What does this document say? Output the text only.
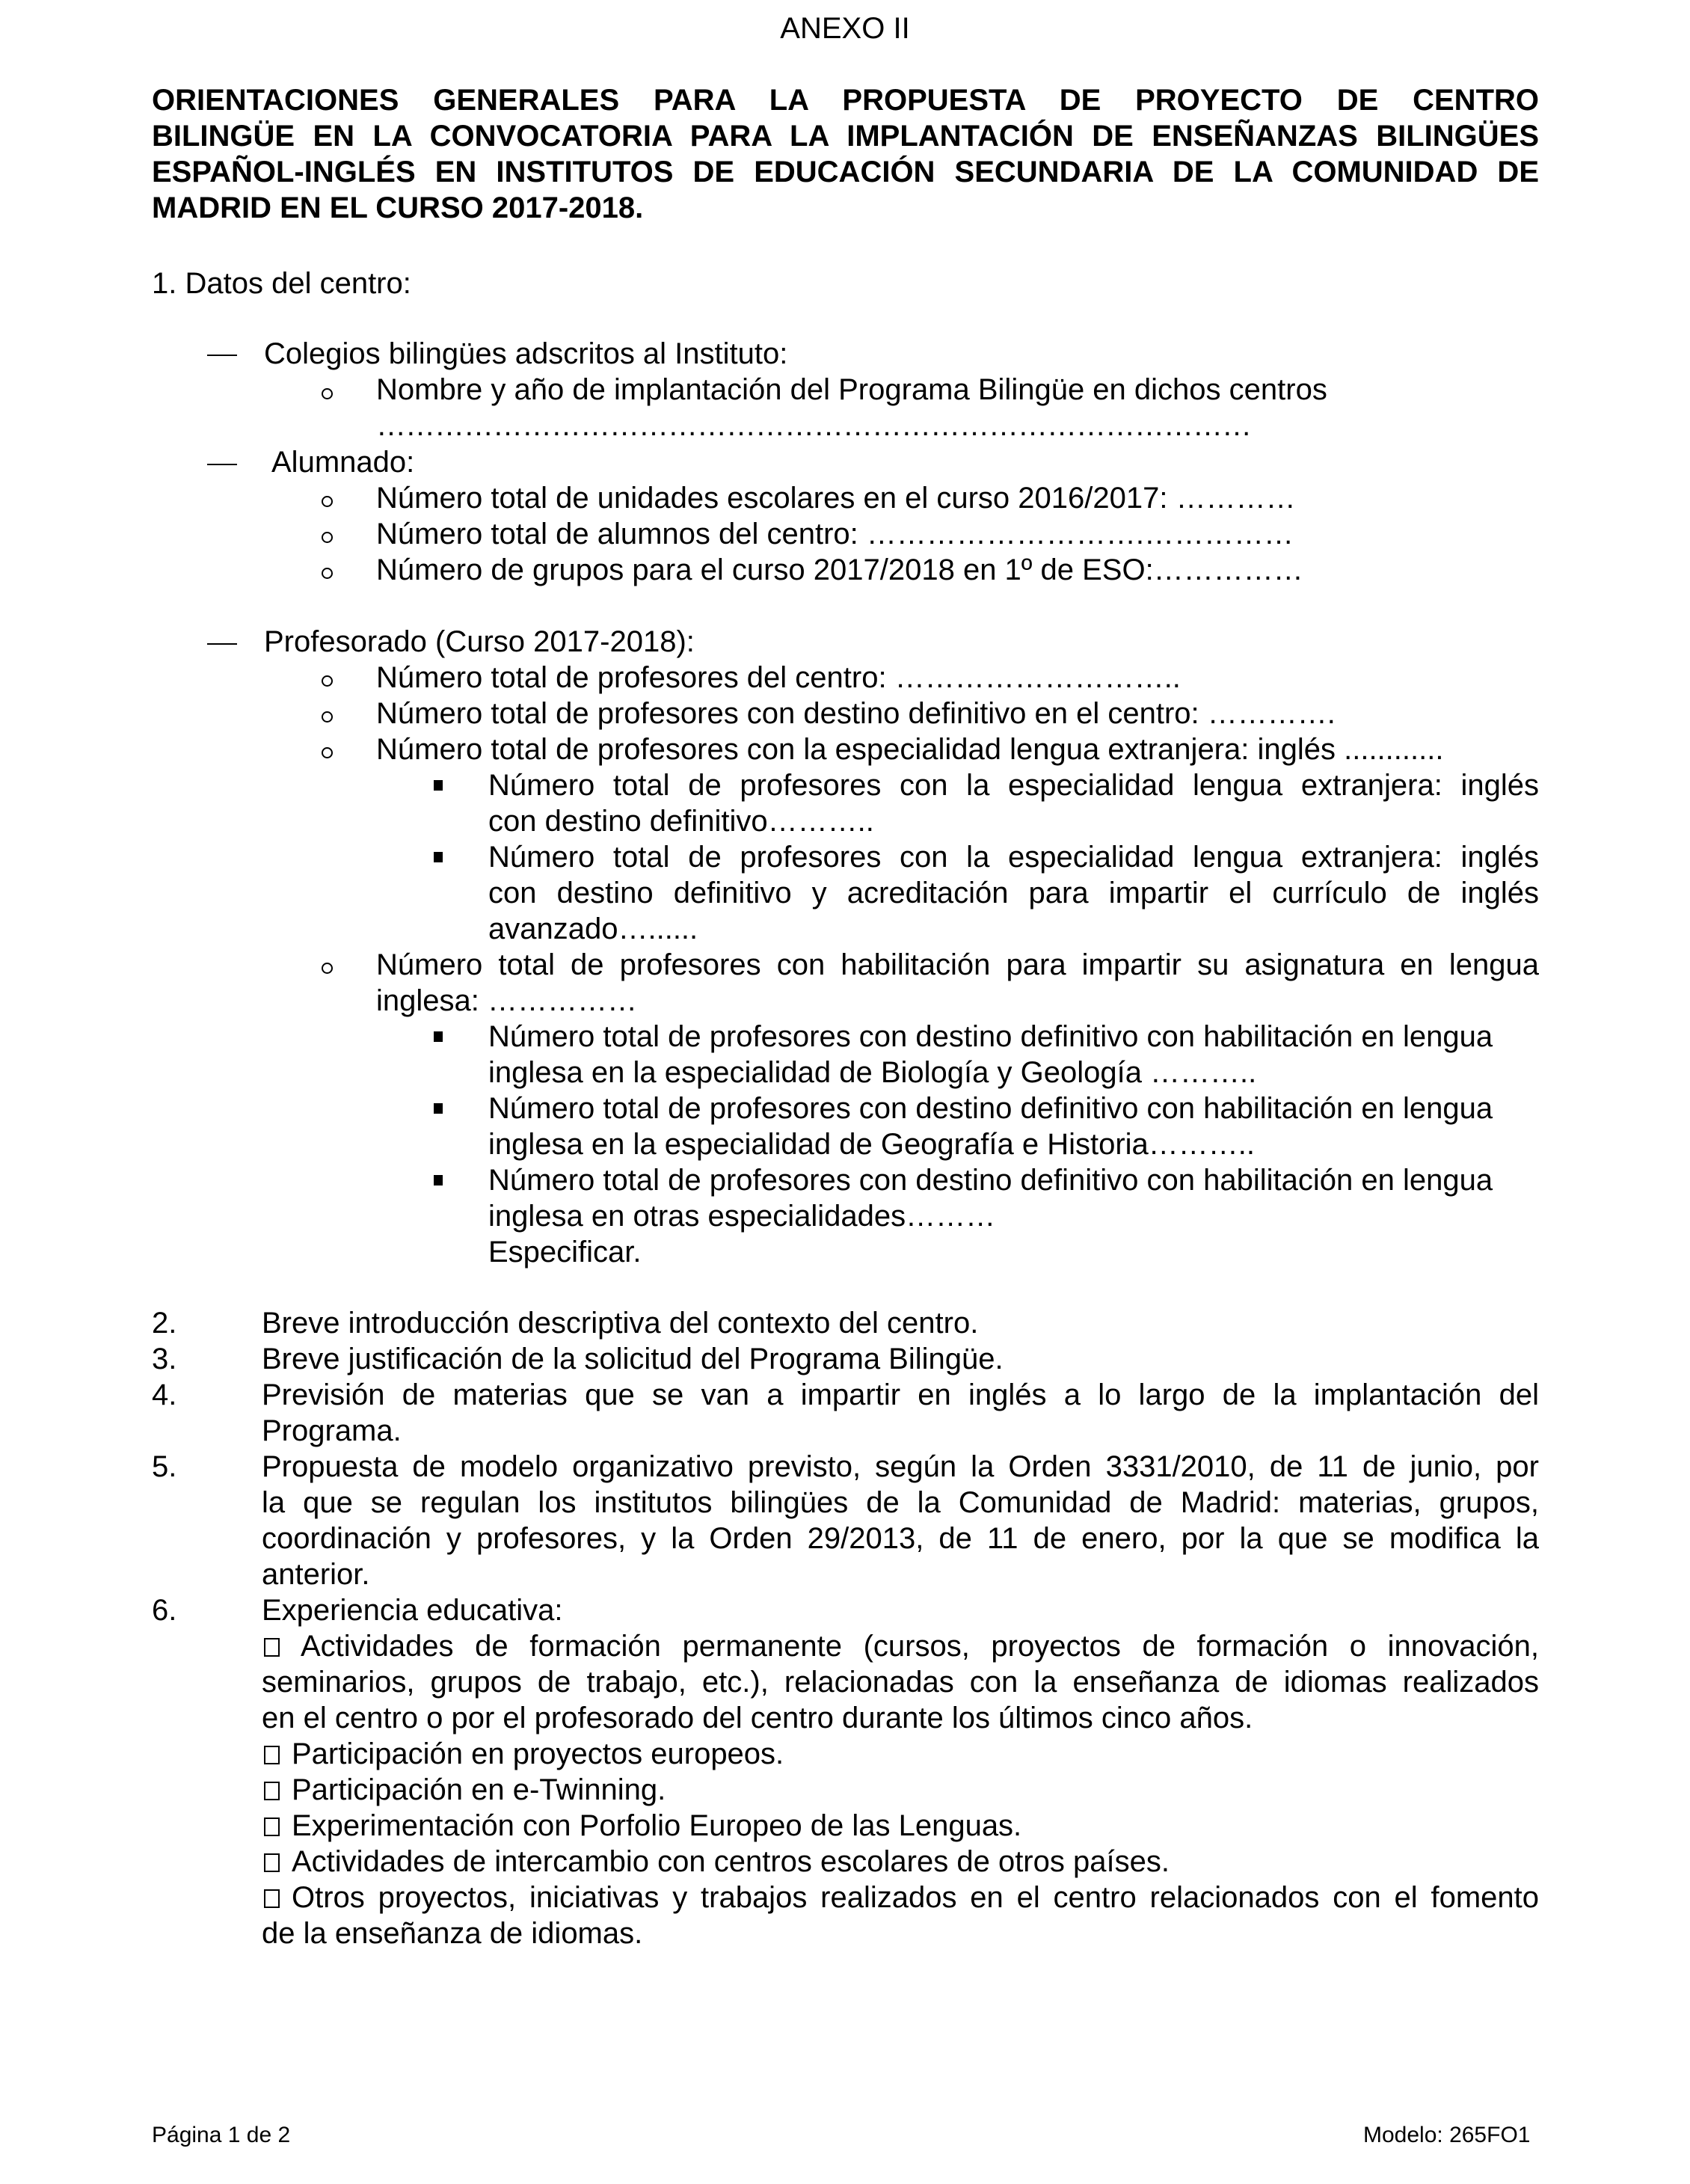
ANEXO II
ORIENTACIONES GENERALES PARA LA PROPUESTA DE PROYECTO DE CENTRO
BILINGÜE EN LA CONVOCATORIA PARA LA IMPLANTACIÓN DE ENSEÑANZAS BILINGÜES
ESPAÑOL-INGLÉS EN INSTITUTOS DE EDUCACIÓN SECUNDARIA DE LA COMUNIDAD DE
MADRID EN EL CURSO 2017-2018.
1. Datos del centro:
Colegios bilingües adscritos al Instituto:
Nombre y año de implantación del Programa Bilingüe en dichos centros
………………………………………………………………………………
Alumnado:
Número total de unidades escolares en el curso 2016/2017: …………
Número total de alumnos del centro: ……………………….……………
Número de grupos para el curso 2017/2018 en 1º de ESO:……………
Profesorado (Curso 2017-2018):
Número total de profesores del centro: ………………………..
Número total de profesores con destino definitivo en el centro: ………….
Número total de profesores con la especialidad lengua extranjera: inglés ............
Número total de profesores con la especialidad lengua extranjera: inglés
con destino definitivo………..
Número total de profesores con la especialidad lengua extranjera: inglés
con destino definitivo y acreditación para impartir el currículo de inglés
avanzado…......
Número total de profesores con habilitación para impartir su asignatura en lengua
inglesa: ……………
Número total de profesores con destino definitivo con habilitación en lengua
inglesa en la especialidad de Biología y Geología ………..
Número total de profesores con destino definitivo con habilitación en lengua
inglesa en la especialidad de Geografía e Historia………..
Número total de profesores con destino definitivo con habilitación en lengua
inglesa en otras especialidades………
Especificar.
2.	Breve introducción descriptiva del contexto del centro.
3.	Breve justificación de la solicitud del Programa Bilingüe.
4.	Previsión de materias que se van a impartir en inglés a lo largo de la implantación del
Programa.
5.	Propuesta de modelo organizativo previsto, según la Orden 3331/2010, de 11 de junio, por
la que se regulan los institutos bilingües de la Comunidad de Madrid: materias, grupos,
coordinación y profesores, y la Orden 29/2013, de 11 de enero, por la que se modifica la
anterior.
6.	Experiencia educativa:
Actividades de formación permanente (cursos, proyectos de formación o innovación,
seminarios, grupos de trabajo, etc.), relacionadas con la enseñanza de idiomas realizados
en el centro o por el profesorado del centro durante los últimos cinco años.
Participación en proyectos europeos.
Participación en e-Twinning.
Experimentación con Porfolio Europeo de las Lenguas.
Actividades de intercambio con centros escolares de otros países.
Otros proyectos, iniciativas y trabajos realizados en el centro relacionados con el fomento
de la enseñanza de idiomas.
Página 1 de 2	Modelo: 265FO1
